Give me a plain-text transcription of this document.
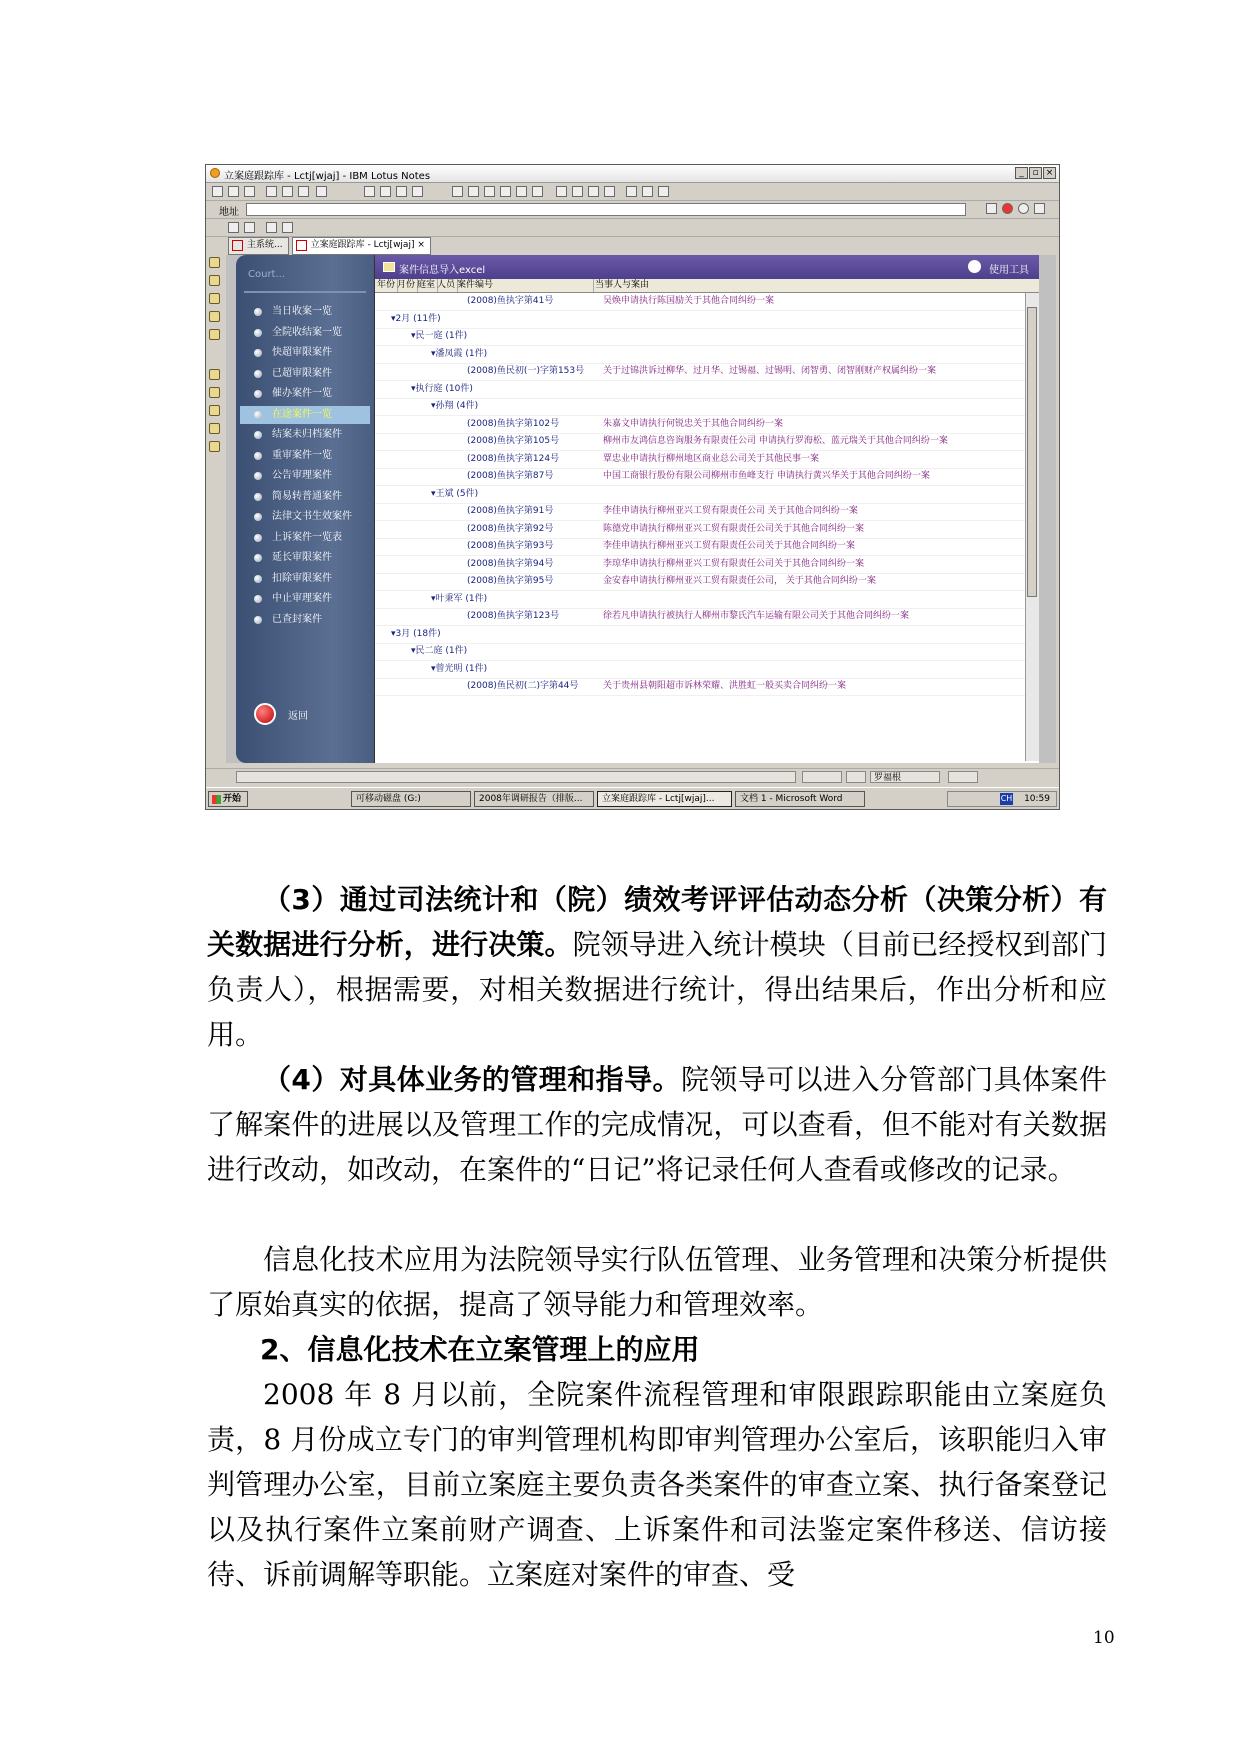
立案庭跟踪库 - Lctj[wjaj] - IBM Lotus Notes	_ ▫ ×
地址
主系统...	立案庭跟踪库 - Lctj[wjaj] ×
Court...
当日收案一览
全院收结案一览
快超审限案件
已超审限案件
催办案件一览
在途案件一览
结案未归档案件
重审案件一览
公告审理案件
简易转普通案件
法律文书生效案件
上诉案件一览表
延长审限案件
扣除审限案件
中止审理案件
已查封案件
返回
案件信息导入excel	使用工具
年份 月份 庭室 人员 案件编号	当事人与案由
(2008)鱼执字第41号	吴焕申请执行陈国励关于其他合同纠纷一案
▾2月 (11件)
▾民一庭 (1件)
▾潘凤霞 (1件)
(2008)鱼民初(一)字第153号 关于过锦洪诉过柳华、过月华、过锡福、过锡明、闭智勇、闭智刚财产权属纠纷一案
▾执行庭 (10件)
▾孙翔 (4件)
(2008)鱼执字第102号	朱嘉文申请执行何锐忠关于其他合同纠纷一案
(2008)鱼执字第105号	柳州市友鸿信息咨询服务有限责任公司 申请执行罗海松、蓝元瑞关于其他合同纠纷一案
(2008)鱼执字第124号	覃忠业申请执行柳州地区商业总公司关于其他民事一案
(2008)鱼执字第87号	中国工商银行股份有限公司柳州市鱼峰支行 申请执行黄兴华关于其他合同纠纷一案
▾王斌 (5件)
(2008)鱼执字第91号	李佳申请执行柳州亚兴工贸有限责任公司 关于其他合同纠纷一案
(2008)鱼执字第92号	陈德党申请执行柳州亚兴工贸有限责任公司关于其他合同纠纷一案
(2008)鱼执字第93号	李佳申请执行柳州亚兴工贸有限责任公司关于其他合同纠纷一案
(2008)鱼执字第94号	李琼华申请执行柳州亚兴工贸有限责任公司关于其他合同纠纷一案
(2008)鱼执字第95号	金安春申请执行柳州亚兴工贸有限责任公司， 关于其他合同纠纷一案
▾叶秉军 (1件)
(2008)鱼执字第123号	徐若凡申请执行被执行人柳州市黎氏汽车运输有限公司关于其他合同纠纷一案
▾3月 (18件)
▾民二庭 (1件)
▾曾光明 (1件)
(2008)鱼民初(二)字第44号	关于贵州县朝阳超市诉林荣耀、洪胜虹一般买卖合同纠纷一案
罗福根
开始	可移动磁盘 (G:)	2008年调研报告（排版...	立案庭跟踪库 - Lctj[wjaj]...	文档 1 - Microsoft Word	CH 10:59
（3）通过司法统计和（院）绩效考评评估动态分析（决策分析）有关数据进行分析，进行决策。院领导进入统计模块（目前已经授权到部门负责人），根据需要，对相关数据进行统计，得出结果后，作出分析和应用。
（4）对具体业务的管理和指导。院领导可以进入分管部门具体案件了解案件的进展以及管理工作的完成情况，可以查看，但不能对有关数据进行改动，如改动，在案件的“日记”将记录任何人查看或修改的记录。
信息化技术应用为法院领导实行队伍管理、业务管理和决策分析提供了原始真实的依据，提高了领导能力和管理效率。
2、信息化技术在立案管理上的应用
2008 年 8 月以前，全院案件流程管理和审限跟踪职能由立案庭负责，8 月份成立专门的审判管理机构即审判管理办公室后，该职能归入审判管理办公室，目前立案庭主要负责各类案件的审查立案、执行备案登记以及执行案件立案前财产调查、上诉案件和司法鉴定案件移送、信访接待、诉前调解等职能。立案庭对案件的审查、受
10
